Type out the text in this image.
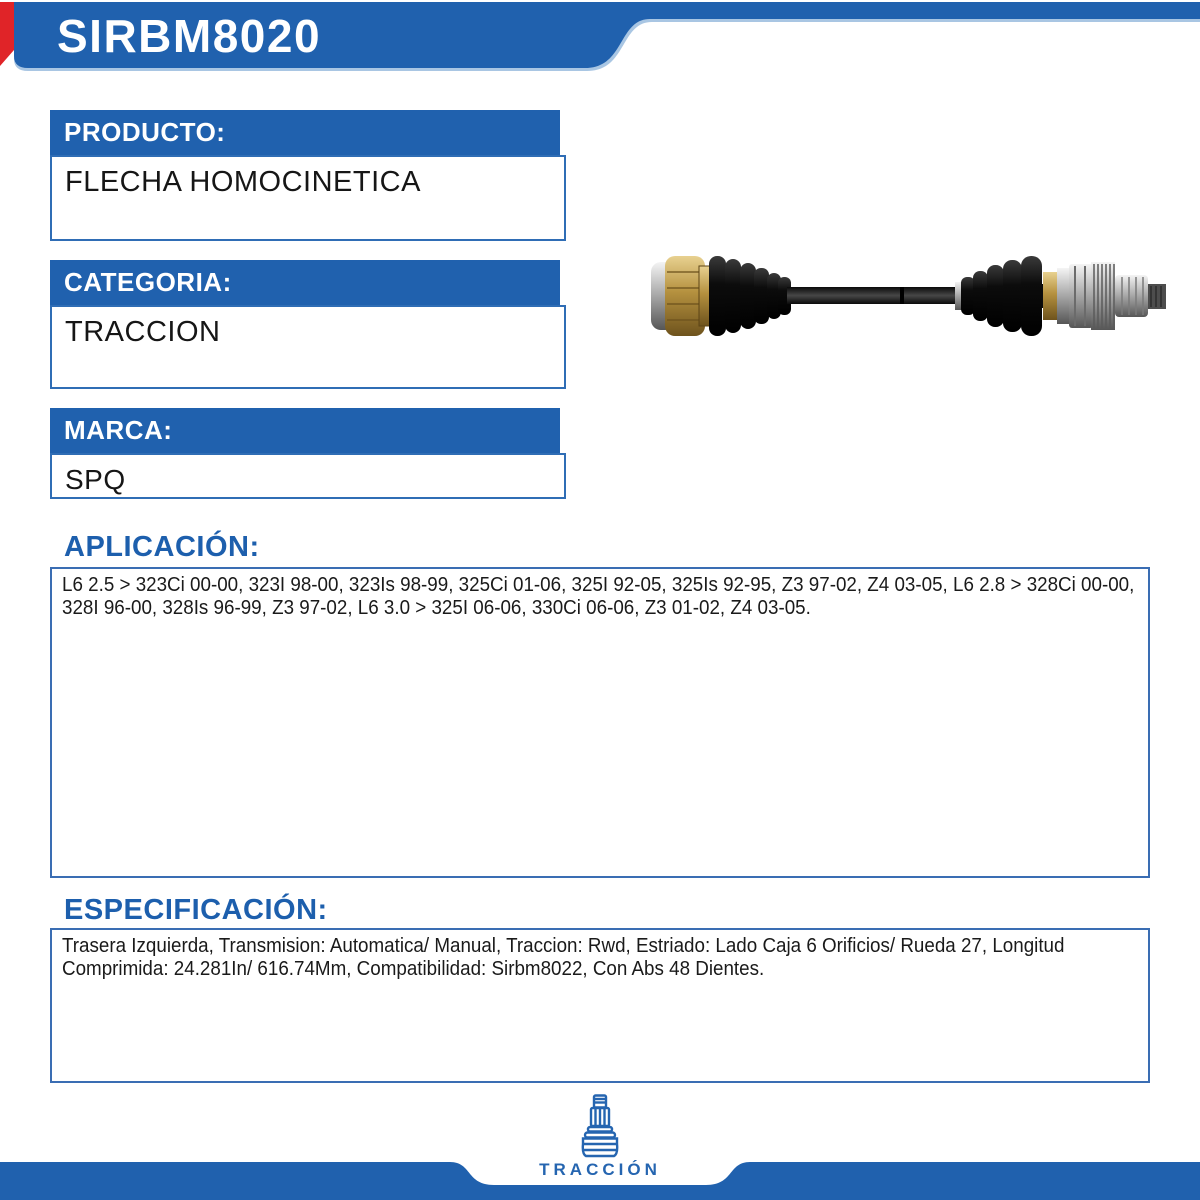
SIRBM8020
PRODUCTO:
FLECHA HOMOCINETICA
CATEGORIA:
TRACCION
MARCA:
SPQ
APLICACIÓN:
L6 2.5 > 323Ci 00-00, 323I 98-00, 323Is 98-99, 325Ci 01-06, 325I 92-05, 325Is 92-95, Z3 97-02, Z4 03-05, L6 2.8 > 328Ci 00-00, 328I 96-00, 328Is 96-99, Z3 97-02, L6 3.0 > 325I 06-06, 330Ci 06-06, Z3 01-02, Z4 03-05.
ESPECIFICACIÓN:
Trasera Izquierda, Transmision: Automatica/ Manual, Traccion: Rwd, Estriado: Lado Caja 6 Orificios/ Rueda 27, Longitud Comprimida: 24.281In/ 616.74Mm, Compatibilidad: Sirbm8022, Con Abs 48 Dientes.
TRACCIÓN
